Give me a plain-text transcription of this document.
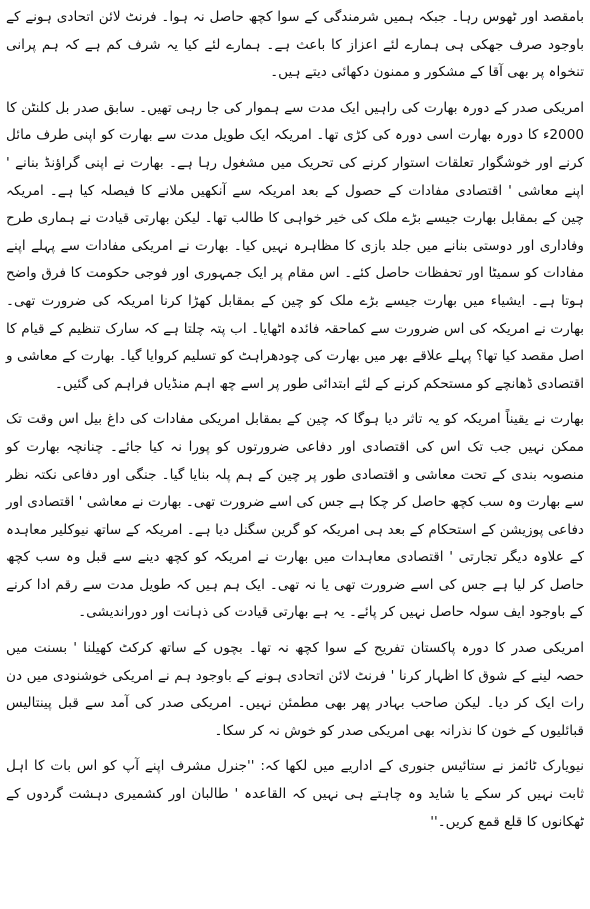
بامقصد اور ٹھوس رہا۔ جبکہ ہمیں شرمندگی کے سوا کچھ حاصل نہ ہوا۔ فرنٹ لائن اتحادی ہونے کے باوجود صرف جھکی ہی ہمارے لئے اعزاز کا باعث ہے۔ ہمارے لئے کیا یہ شرف کم ہے کہ ہم پرانی تنخواہ پر بھی آقا کے مشکور و ممنون دکھائی دیتے ہیں۔

امریکی صدر کے دورہ بھارت کی راہیں ایک مدت سے ہموار کی جا رہی تھیں۔ سابق صدر بل کلنٹن کا 2000ء کا دورہ بھارت اسی دورہ کی کڑی تھا۔ امریکہ ایک طویل مدت سے بھارت کو اپنی طرف مائل کرنے اور خوشگوار تعلقات استوار کرنے کی تحریک میں مشغول رہا ہے۔ بھارت نے اپنی گراؤنڈ بنانے ' اپنے معاشی ' اقتصادی مفادات کے حصول کے بعد امریکہ سے آنکھیں ملانے کا فیصلہ کیا ہے۔ امریکہ چین کے بمقابل بھارت جیسے بڑے ملک کی خیر خواہی کا طالب تھا۔ لیکن بھارتی قیادت نے ہماری طرح وفاداری اور دوستی بنانے میں جلد بازی کا مظاہرہ نہیں کیا۔ بھارت نے امریکی مفادات سے پہلے اپنے مفادات کو سمیٹا اور تحفظات حاصل کئے۔ اس مقام پر ایک جمہوری اور فوجی حکومت کا فرق واضح ہوتا ہے۔ ایشیاء میں بھارت جیسے بڑے ملک کو چین کے بمقابل کھڑا کرنا امریکہ کی ضرورت تھی۔ بھارت نے امریکہ کی اس ضرورت سے کماحقہ فائدہ اٹھایا۔ اب پتہ چلتا ہے کہ سارک تنظیم کے قیام کا اصل مقصد کیا تھا؟ پہلے علاقے بھر میں بھارت کی چودھراہٹ کو تسلیم کروایا گیا۔ بھارت کے معاشی و اقتصادی ڈھانچے کو مستحکم کرنے کے لئے ابتدائی طور پر اسے چھ اہم منڈیاں فراہم کی گئیں۔

بھارت نے یقیناً امریکہ کو یہ تاثر دیا ہوگا کہ چین کے بمقابل امریکی مفادات کی داغ بیل اس وقت تک ممکن نہیں جب تک اس کی اقتصادی اور دفاعی ضرورتوں کو پورا نہ کیا جائے۔ چنانچہ بھارت کو منصوبہ بندی کے تحت معاشی و اقتصادی طور پر چین کے ہم پلہ بنایا گیا۔ جنگی اور دفاعی نکتہ نظر سے بھارت وہ سب کچھ حاصل کر چکا ہے جس کی اسے ضرورت تھی۔ بھارت نے معاشی ' اقتصادی اور دفاعی پوزیشن کے استحکام کے بعد ہی امریکہ کو گرین سگنل دیا ہے۔ امریکہ کے ساتھ نیوکلیر معاہدہ کے علاوہ دیگر تجارتی ' اقتصادی معاہدات میں بھارت نے امریکہ کو کچھ دینے سے قبل وہ سب کچھ حاصل کر لیا ہے جس کی اسے ضرورت تھی یا نہ تھی۔ ایک ہم ہیں کہ طویل مدت سے رقم ادا کرنے کے باوجود ایف سولہ حاصل نہیں کر پائے۔ یہ ہے بھارتی قیادت کی ذہانت اور دوراندیشی۔

امریکی صدر کا دورہ پاکستان تفریح کے سوا کچھ نہ تھا۔ بچوں کے ساتھ کرکٹ کھیلنا ' بسنت میں حصہ لینے کے شوق کا اظہار کرنا ' فرنٹ لائن اتحادی ہونے کے باوجود ہم نے امریکی خوشنودی میں دن رات ایک کر دیا۔ لیکن صاحب بہادر پھر بھی مطمئن نہیں۔ امریکی صدر کی آمد سے قبل پینتالیس قبائلیوں کے خون کا نذرانہ بھی امریکی صدر کو خوش نہ کر سکا۔

نیویارک ٹائمز نے ستائیس جنوری کے اداریے میں لکھا کہ: ''جنرل مشرف اپنے آپ کو اس بات کا اہل ثابت نہیں کر سکے یا شاید وہ چاہتے ہی نہیں کہ القاعدہ ' طالبان اور کشمیری دہشت گردوں کے ٹھکانوں کا قلع قمع کریں۔''
